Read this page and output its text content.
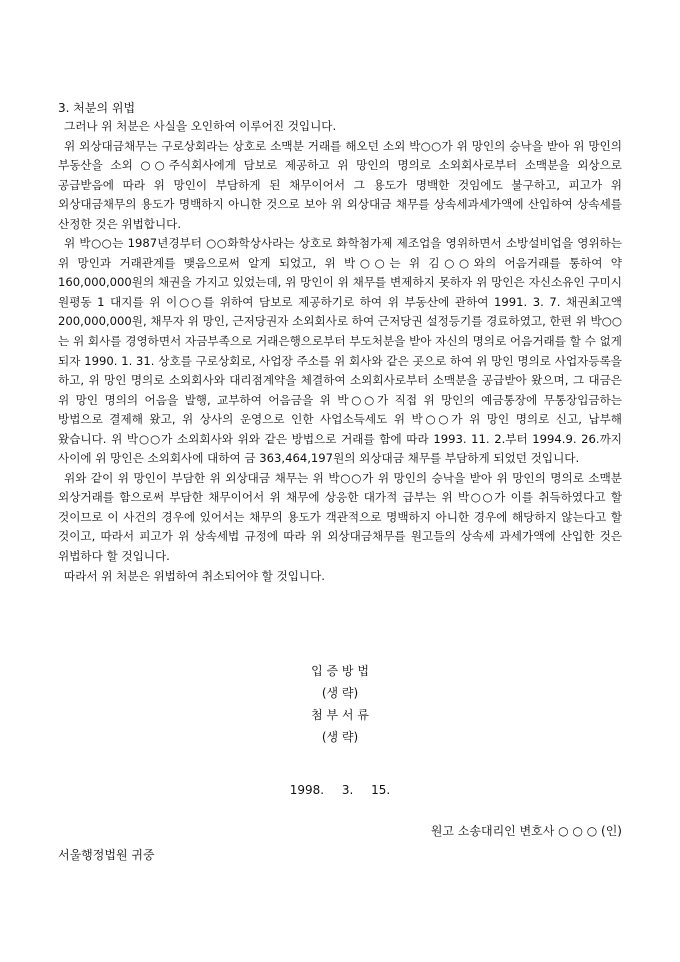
3. 처분의 위법

그러나 위 처분은 사실을 오인하여 이루어진 것입니다.

위 외상대금채무는 구로상회라는 상호로 소맥분 거래를 해오던 소외 박○○가 위 망인의 승낙을 받아 위 망인의 부동산을 소외 ○○주식회사에게 담보로 제공하고 위 망인의 명의로 소외회사로부터 소맥분을 외상으로 공급받음에 따라 위 망인이 부담하게 된 채무이어서 그 용도가 명백한 것임에도 불구하고, 피고가 위 외상대금채무의 용도가 명백하지 아니한 것으로 보아 위 외상대금 채무를 상속세과세가액에 산입하여 상속세를 산정한 것은 위법합니다.

위 박○○는 1987년경부터 ○○화학상사라는 상호로 화학첨가제 제조업을 영위하면서 소방설비업을 영위하는 위 망인과 거래관계를 맺음으로써 알게 되었고, 위 박○○는 위 김○○와의 어음거래를 통하여 약 160,000,000원의 채권을 가지고 있었는데, 위 망인이 위 채무를 변제하지 못하자 위 망인은 자신소유인 구미시 원평동 1 대지를 위 이○○를 위하여 담보로 제공하기로 하여 위 부동산에 관하여 1991. 3. 7. 채권최고액 200,000,000원, 채무자 위 망인, 근저당권자 소외회사로 하여 근저당권 설정등기를 경료하였고, 한편 위 박○○는 위 회사를 경영하면서 자금부족으로 거래은행으로부터 부도처분을 받아 자신의 명의로 어음거래를 할 수 없게 되자 1990. 1. 31. 상호를 구로상회로, 사업장 주소를 위 회사와 같은 곳으로 하여 위 망인 명의로 사업자등록을 하고, 위 망인 명의로 소외회사와 대리점계약을 체결하여 소외회사로부터 소맥분을 공급받아 왔으며, 그 대금은 위 망인 명의의 어음을 발행, 교부하여 어음금을 위 박○○가 직접 위 망인의 예금통장에 무통장입금하는 방법으로 결제해 왔고, 위 상사의 운영으로 인한 사업소득세도 위 박○○가 위 망인 명의로 신고, 납부해 왔습니다. 위 박○○가 소외회사와 위와 같은 방법으로 거래를 함에 따라 1993. 11. 2.부터 1994.9. 26.까지 사이에 위 망인은 소외회사에 대하여 금 363,464,197원의 외상대금 채무를 부담하게 되었던 것입니다.

위와 같이 위 망인이 부담한 위 외상대금 채무는 위 박○○가 위 망인의 승낙을 받아 위 망인의 명의로 소맥분 외상거래를 함으로써 부담한 채무이어서 위 채무에 상응한 대가적 급부는 위 박○○가 이를 취득하였다고 할 것이므로 이 사건의 경우에 있어서는 채무의 용도가 객관적으로 명백하지 아니한 경우에 해당하지 않는다고 할 것이고, 따라서 피고가 위 상속세법 규정에 따라 위 외상대금채무를 원고들의 상속세 과세가액에 산입한 것은 위법하다 할 것입니다.

따라서 위 처분은 위법하여 취소되어야 할 것입니다.

입 증 방 법
(생 략)
첨 부 서 류
(생 략)
1998. 3. 15.
원고 소송대리인 변호사 ○ ○ ○ (인)
서울행정법원 귀중
